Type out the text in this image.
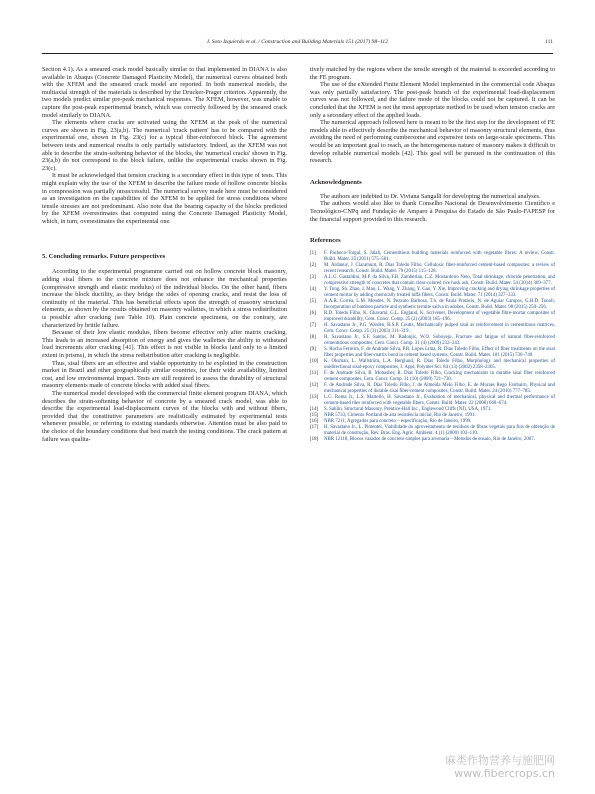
I. Soto Izquierdo et al. / Construction and Building Materials 151 (2017) 98–112	111

Section 4.1). As a smeared crack model basically similar to that implemented in DIANA is also available in Abaqus (Concrete Damaged Plasticity Model), the numerical curves obtained both with the XFEM and the smeared crack model are reported. In both numerical models, the multiaxial strength of the materials is described by the Drucker-Prager criterion. Apparently, the two models predict similar pre-peak mechanical responses. The XFEM, however, was unable to capture the post-peak experimental branch, which was correctly followed by the smeared crack model similarly to DIANA.

The elements where cracks are activated using the XFEM at the peak of the numerical curves are shown in Fig. 23(a,b). The numerical 'crack pattern' has to be compared with the experimental one, shown in Fig. 23(c) for a typical fiber-reinforced block. The agreement between tests and numerical results is only partially satisfactory. Indeed, as the XFEM was not able to describe the strain-softening behavior of the blocks, the 'numerical cracks' shown in Fig. 23(a,b) do not correspond to the block failure, unlike the experimental cracks shown in Fig. 23(c).

It must be acknowledged that tension cracking is a secondary effect in this type of tests. This might explain why the use of the XFEM to describe the failure mode of hollow concrete blocks in compression was partially unsuccessful. The numerical survey made here must be considered as an investigation on the capabilities of the XFEM to be applied for stress conditions where tensile stresses are not predominant. Also note that the bearing capacity of the blocks predicted by the XFEM overestimates that computed using the Concrete Damaged Plasticity Model, which, in turn, overestimates the experimental one.

5. Concluding remarks. Future perspectives

According to the experimental programme carried out on hollow concrete block masonry, adding sisal fibers to the concrete mixture does not enhance the mechanical properties (compressive strength and elastic modulus) of the individual blocks. On the other hand, fibers increase the block ductility, as they bridge the sides of opening cracks, and resist the loss of continuity of the material. This has beneficial effects upon the strength of masonry structural elements, as shown by the results obtained on masonry wallettes, in which a stress redistribution is possible after cracking (see Table 10). Plain concrete specimens, on the contrary, are characterized by brittle failure.

Because of their low elastic modulus, fibers become effective only after matrix cracking. This leads to an increased absorption of energy and gives the wallettes the ability to withstand load increments after cracking [41]. This effect is not visible in blocks (and only to a limited extent in prisms), in which the stress redistribution after cracking is negligible.

Thus, sisal fibers are an effective and viable opportunity to be exploited in the construction market in Brazil and other geographically similar countries, for their wide availability, limited cost, and low environmental impact. Tests are still required to assess the durability of structural masonry elements made of concrete blocks with added sisal fibers.

The numerical model developed with the commercial finite element program DIANA, which describes the strain-softening behavior of concrete by a smeared crack model, was able to describe the experimental load-displacement curves of the blocks with and without fibers, provided that the constitutive parameters are realistically estimated by experimental tests whenever possible, or referring to existing standards otherwise. Attention must be also paid to the choice of the boundary conditions that best match the testing conditions. The crack pattern at failure was qualita-

tively matched by the regions where the tensile strength of the material is exceeded according to the FE program.

The use of the eXtended Finite Element Model implemented in the commercial code Abaqus was only partially satisfactory. The post-peak branch of the experimental load-displacement curves was not followed, and the failure mode of the blocks could not be captured. It can be concluded that the XFEM is not the most appropriate method to be used when tension cracks are only a secondary effect of the applied loads.

The numerical approach followed here is meant to be the first step for the development of FE models able to effectively describe the mechanical behavior of masonry structural elements, thus avoiding the need of performing cumbersome and expensive tests on large-scale specimens. This would be an important goal to reach, as the heterogeneous nature of masonry makes it difficult to develop reliable numerical models [42]. This goal will be pursued in the continuation of this research.

Acknowledgments

The authors are indebted to Dr. Viviana Sangalli for developing the numerical analyses.

The authors would also like to thank Conselho Nacional de Desenvolvimento Científico e Tecnológico-CNPq and Fundação de Amparo à Pesquisa do Estado de São Paulo-FAPESP for the financial support provided to this research.

References
[1] F. Pacheco-Torgal, S. Jalali, Cementitious building materials reinforced with vegetable fibres: A review, Constr. Build. Mater. 25 (2011) 575–581.
[2] M. Ardanuy, J. Claramunt, R. Dias Toledo Filho, Cellulosic fiber-reinforced cement-based composites: a review of recent research, Constr. Build. Mater. 79 (2015) 115–128.
[3] A.L.G. Gastaldini, M.P. da Silva, F.B. Zamberlan, C.Z. Mostardeiro Neto, Total shrinkage, chloride penetration, and compressive strength of concretes that contain clear-colored rice husk ash, Constr. Build. Mater. 54 (2014) 369–377.
[4] Y. Tong, Sh. Zhao, J. Mao, L. Wang, Y. Zhang, Y. Gao, Y. Xie, Improving cracking and drying shrinkage properties of cement mortar by adding chemically treated luffa fibers, Constr. Build. Mater. 71 (2014) 327–333.
[5] A.A.R. Corrêa, L.M. Mendes, N. Pezzuto Barbosa, T.h. de Paula Protásio, N. de Aguiar Campos, G.H.D. Tonoli, Incorporation of bamboo particle and synthetic termite saliva in adobes, Constr. Build. Mater. 98 (2015) 250–256.
[6] R.D. Toledo Filho, K. Ghavami, G.L. England, K. Scrivener, Development of vegetable fibre-mortar composites of improved durability, Cem. Concr. Comp. 25 (2) (2003) 185–196.
[7] H. Savastano Jr., P.G. Warden, R.S.P. Coutts, Mechanically pulped sisal as reinforcement in cementitious matrices, Cem. Concr. Comp. 25 (3) (2003) 311–319.
[8] H. Savastano Jr., S.F. Santos, M. Radonjic, W.O. Soboyejo, Fracture and fatigue of natural fiber-reinforced cementitious composites, Cem. Concr. Comp. 31 (4) (2009) 232–243.
[9] S. Rocha Ferreira, F. de Andrade Silva, P.R. Lopes Lima, R. Dias Toledo Filho, Effect of fiber treatments on the sisal fiber properties and fiber-matrix bond in cement based systems, Constr. Build. Mater. 101 (2015) 730–740.
[10] K. Oksman, L. Wallström, L.A. Berglund, R. Dias Toledo Filho, Morphology and mechanical properties of unidirectional sisal-epoxy composites, J. Appl. Polymer Sci. 84 (13) (2002) 2358–2365.
[11] F. de Andrade Silva, B. Mobasher, R. Dias Toledo Filho, Cracking mechanisms in durable sisal fiber reinforced cement composites, Cem. Concr. Comp. 31 (10) (2009) 721–730.
[12] F. de Andrade Silva, R. Dias Toledo Filho, J. de Almeida Melo Filho, E. de Moraes Rego Fairbairn, Physical and mechanical properties of durable sisal fiber-cement composites, Constr. Build. Mater. 24 (2010) 777–785.
[13] L.C. Roma Jr., L.S. Martello, H. Savastano Jr., Evaluation of mechanical, physical and thermal performance of cement-based tiles reinforced with vegetable fibers, Constr. Build. Mater. 22 (2008) 668–674.
[14] S. Sahlin, Structural Masonry, Prentice-Hall Inc., Englewood Cliffs (NJ), USA, 1971.
[15] NBR 5733, Cimento Portland de alta resistência inicial, Rio de Janeiro, 1991.
[16] NBR 7211, Agregados para concreto – especificação, Rio de Janeiro, 1999.
[17] H. Savastano Jr., L. Pimentel, Viabilidade do aproveitamento de resíduos de fibras vegetais para fins de obtenção de material de construção, Rev. Bras. Eng. Agríc. Ambient. 4 (1) (2000) 103–110.
[18] NBR 12118, Blocos vazados de concreto simples para alvenaria – Métodos de ensaio, Rio de Janeiro, 2007.
麻类作物营养与施肥网
www.fibercrops.cn
